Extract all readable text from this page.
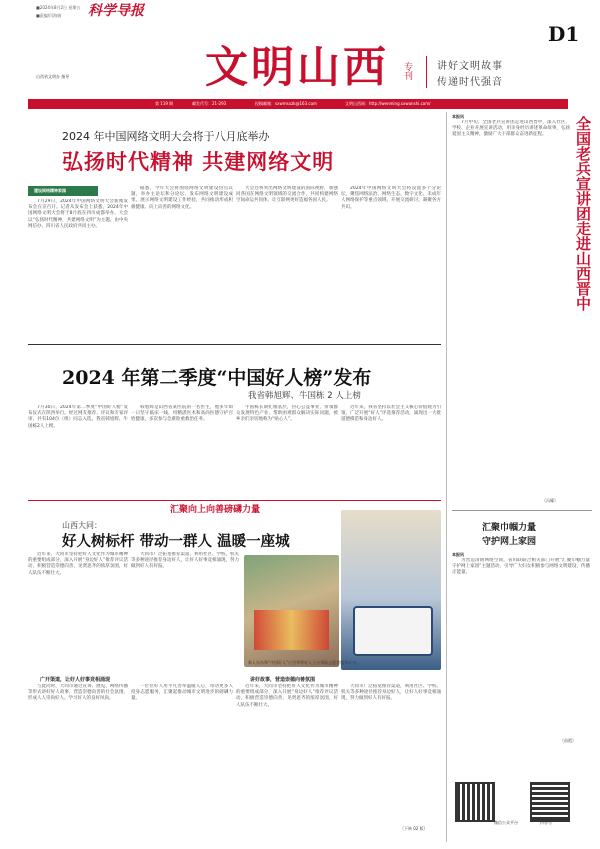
■2024年8月2日 星期五
■责编/闫海娟 科学导报
山西省文明办 指导	文明山西 专刊	讲好文明故事
传递时代强音
D1
第 119 期	邮发代号：21-293	投稿邮箱：sxwmsxzk@163.com	文明山西网：http://wenming.sxwanshi.com/
2024 年中国网络文明大会将于八月底举办
弘扬时代精神 共建网络文明
建设网络精神家园

7月29日，2024年中国网络文明大会新闻发布会在京召开。记者从发布会上获悉，2024年中国网络文明大会将于8月底在四川成都举办。大会以“弘扬时代精神，共建网络文明”为主题，由中央网信办、四川省人民政府共同主办。

据悉，今年大会将围绕网络文明建设热点议题，举办主论坛和分论坛，发布网络文明建设成果，展示网络文明建设工作经验，共同推动形成积极健康、向上向善的网络文化。

大会还将突出网络文明建设的国际视野，加强同各国在网络文明领域的交流合作，共同构建网络空间命运共同体，让互联网更好造福各国人民。

2024年中国网络文明大会将设置多个分论坛，聚焦网络法治、网络生态、数字文化、未成年人网络保护等重点领域，开展交流研讨，凝聚各方共识。

2024 年第二季度“中国好人榜”发布
我省韩旭辉、牛国栋 2 人上榜

7月30日，2024年第二季度“中国好人榜”发布仪式在陕西举行。经过网友推荐、评议和专家评审，共有104位（组）同志入选。我省韩旭辉、牛国栋2人上榜。

韩旭辉是山西省某医院的一名医生，他多年如一日坚守临床一线，用精湛医术和高尚医德守护百姓健康，多次参与急难险重救治任务。

牛国栋长期扎根基层，热心公益事业，带领群众发展特色产业，帮助困难群众解决实际问题，被乡亲们亲切地称为“贴心人”。

近年来，我省坚持以社会主义核心价值观为引领，广泛开展“好人”评选推荐活动，涌现出一大批道德模范和身边好人。

汇聚向上向善磅礴力量
山西大同：
好人树标杆 带动一群人 温暖一座城
新人东东和“中国好人”应雪琴等好人上台领取志愿者服务证书。

近年来，大同市坚持把好人文化作为城市精神的重要组成部分，深入开展“身边好人”推荐评议活动，积极营造崇德向善、见贤思齐的浓厚氛围，好人队伍不断壮大。

大同市广泛拓宽推荐渠道，利用社区、学校、机关等多种途径推荐身边好人，让好人好事竞相涌现，努力做到好人有好报。

广开渠道，让好人好事竞相涌现	讲好故事，营造崇德向善氛围

与此同时，大同市通过宣讲、展览、网络传播等形式讲好好人故事，营造崇德向善的社会氛围，形成人人崇尚好人、学习好人的良好风尚。

一位位好人用平凡善举温暖人心，带动更多人投身志愿服务，汇聚起推动城市文明进步的磅礴力量。

近年来，大同市坚持把好人文化作为城市精神的重要组成部分，深入开展“身边好人”推荐评议活动，积极营造崇德向善、见贤思齐的浓厚氛围，好人队伍不断壮大。

大同市广泛拓宽推荐渠道，利用社区、学校、机关等多种途径推荐身边好人，让好人好事竞相涌现，努力做到好人有好报。

（下转 02 版）
本报讯

7月中旬，全国老兵宣讲团走进山西晋中，深入社区、学校、企业开展宣讲活动，用亲身经历讲述革命故事，弘扬爱国主义精神，激励广大干部群众奋进新征程。	全国老兵宣讲团走进山西晋中
（冯耀）
汇聚巾帼力量
守护网上家园
本报讯

为营造清朗网络空间，省妇联联合相关部门开展“汇聚巾帼力量 守护网上家园”主题活动，引导广大妇女积极参与网络文明建设，传播正能量。

（苗霞）
微信公众平台	抖音号
